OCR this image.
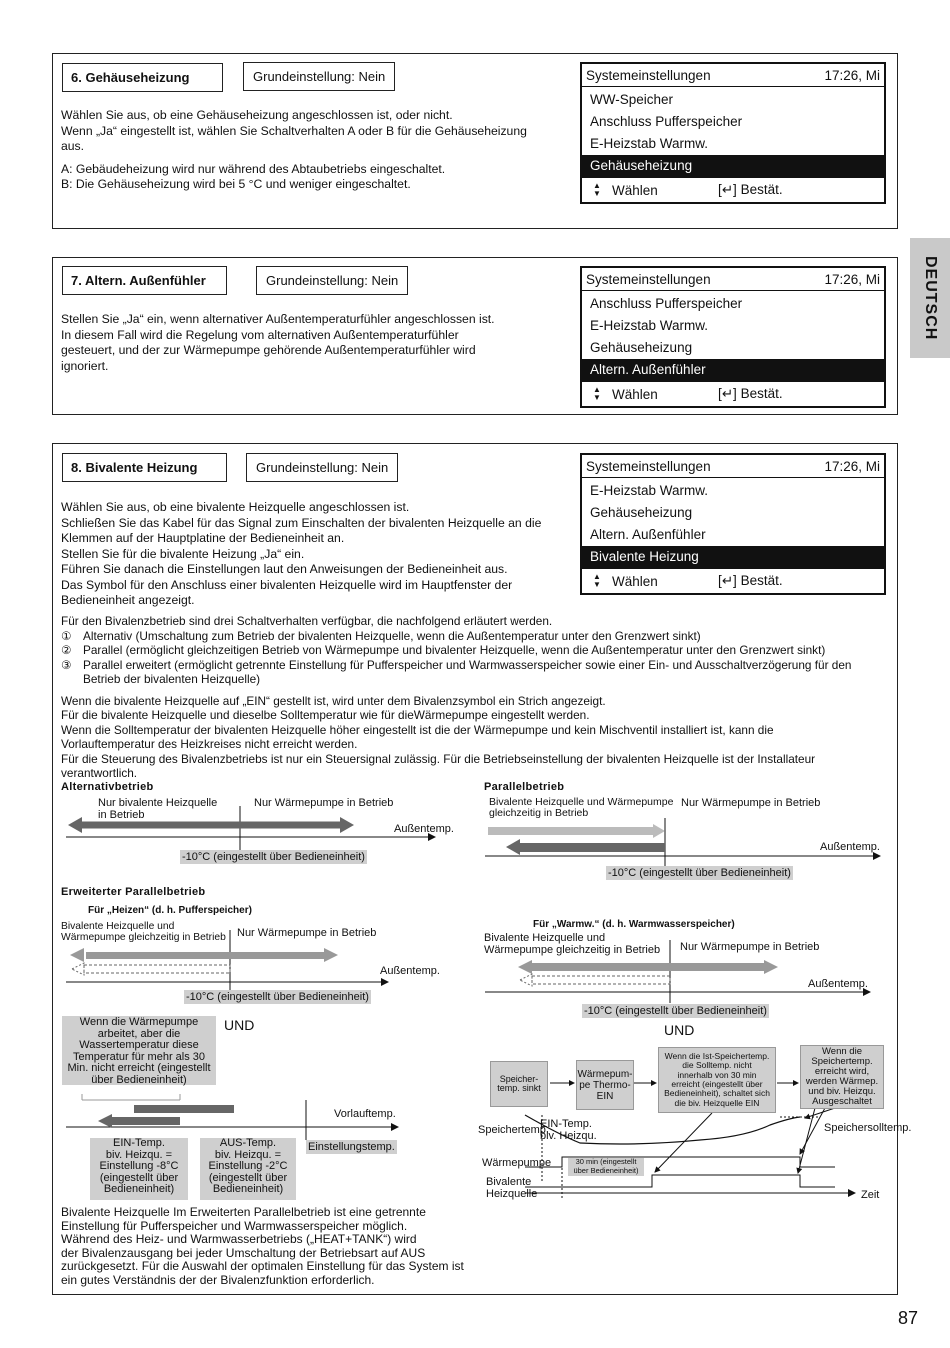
DEUTSCH
6. Gehäuseheizung	Grundeinstellung: Nein

Wählen Sie aus, ob eine Gehäuseheizung angeschlossen ist, oder nicht.

Wenn „Ja“ eingestellt ist, wählen Sie Schaltverhalten A oder B für die Gehäuseheizung

aus.

A: Gebäudeheizung wird nur während des Abtaubetriebs eingeschaltet.

B: Die Gehäuseheizung wird bei 5 °C und weniger eingeschaltet.

Systemeinstellungen	17:26, Mi
WW-Speicher
Anschluss Pufferspeicher
E-Heizstab Warmw.
Gehäuseheizung
▲
▼ Wählen	[↵] Bestät.
7. Altern. Außenfühler	Grundeinstellung: Nein

Stellen Sie „Ja“ ein, wenn alternativer Außentemperaturfühler angeschlossen ist.

In diesem Fall wird die Regelung vom alternativen Außentemperaturfühler

gesteuert, und der zur Wärmepumpe gehörende Außentemperaturfühler wird

ignoriert.

Systemeinstellungen	17:26, Mi
Anschluss Pufferspeicher
E-Heizstab Warmw.
Gehäuseheizung
Altern. Außenfühler
▲
▼ Wählen	[↵] Bestät.
8. Bivalente Heizung	Grundeinstellung: Nein

Wählen Sie aus, ob eine bivalente Heizquelle angeschlossen ist.

Schließen Sie das Kabel für das Signal zum Einschalten der bivalenten Heizquelle an die

Klemmen auf der Hauptplatine der Bedieneinheit an.

Stellen Sie für die bivalente Heizung „Ja“ ein.

Führen Sie danach die Einstellungen laut den Anweisungen der Bedieneinheit aus.

Das Symbol für den Anschluss einer bivalenten Heizquelle wird im Hauptfenster der

Bedieneinheit angezeigt.

Systemeinstellungen	17:26, Mi
E-Heizstab Warmw.
Gehäuseheizung
Altern. Außenfühler
Bivalente Heizung
▲
▼ Wählen	[↵] Bestät.

Für den Bivalenzbetrieb sind drei Schaltverhalten verfügbar, die nachfolgend erläutert werden.

① Alternativ (Umschaltung zum Betrieb der bivalenten Heizquelle, wenn die Außentemperatur unter den Grenzwert sinkt)

② Parallel (ermöglicht gleichzeitigen Betrieb von Wärmepumpe und bivalenter Heizquelle, wenn die Außentemperatur unter den Grenzwert sinkt)

③ Parallel erweitert (ermöglicht getrennte Einstellung für Pufferspeicher und Warmwasserspeicher sowie einer Ein- und Ausschaltverzögerung für den

Betrieb der bivalenten Heizquelle)

Wenn die bivalente Heizquelle auf „EIN“ gestellt ist, wird unter dem Bivalenzsymbol ein Strich angezeigt.

Für die bivalente Heizquelle und dieselbe Solltemperatur wie für dieWärmepumpe eingestellt werden.

Wenn die Solltemperatur der bivalenten Heizquelle höher eingestellt ist die der Wärmepumpe und kein Mischventil installiert ist, kann die

Vorlauftemperatur des Heizkreises nicht erreicht werden.

Für die Steuerung des Bivalenzbetriebs ist nur ein Steuersignal zulässig. Für die Betriebseinstellung der bivalenten Heizquelle ist der Installateur verantwortlich.

Alternativbetrieb
Nur bivalente Heizquelle
in Betrieb
Nur Wärmepumpe in Betrieb
Außentemp.
-10°C (eingestellt über Bedieneinheit)
Parallelbetrieb
Bivalente Heizquelle und Wärmepumpe
gleichzeitig in Betrieb
Nur Wärmepumpe in Betrieb
Außentemp.
-10°C (eingestellt über Bedieneinheit)
Erweiterter Parallelbetrieb
Für „Heizen“ (d. h. Pufferspeicher)
Bivalente Heizquelle und
Wärmepumpe gleichzeitig in Betrieb Nur Wärmepumpe in Betrieb
Außentemp.
-10°C (eingestellt über Bedieneinheit)
Für „Warmw.“ (d. h. Warmwasserspeicher)
Bivalente Heizquelle und
Wärmepumpe gleichzeitig in Betrieb Nur Wärmepumpe in Betrieb
Außentemp.
-10°C (eingestellt über Bedieneinheit)
UND	UND
Wenn die Wärmepumpe
arbeitet, aber die
Wassertemperatur diese
Temperatur für mehr als 30
Min. nicht erreicht (eingestellt
über Bedieneinheit)
Vorlauftemp.
EIN-Temp.
biv. Heizqu. =
Einstellung -8°C
(eingestellt über
Bedieneinheit)
AUS-Temp.
biv. Heizqu. =
Einstellung -2°C
(eingestellt über
Bedieneinheit)
Einstellungstemp.
Speicher-
temp. sinkt
Wärmepum-
pe Thermo-
EIN
Wenn die Ist-Speichertemp.
die Solltemp. nicht
innerhalb von 30 min
erreicht (eingestellt über
Bedieneinheit), schaltet sich
die biv. Heizquelle EIN
Wenn die
Speichertemp.
erreicht wird,
werden Wärmep.
und biv. Heizqu.
Ausgeschaltet
Speichertemp.
EIN-Temp.
biv. Heizqu.
Speichersolltemp.
Wärmepumpe	30 min (eingestellt
über Bedieneinheit)
Bivalente
Heizquelle	Zeit

Bivalente Heizquelle Im Erweiterten Parallelbetrieb ist eine getrennte

Einstellung für Pufferspeicher und Warmwasserspeicher möglich.

Während des Heiz- und Warmwasserbetriebs („HEAT+TANK“) wird

der Bivalenzausgang bei jeder Umschaltung der Betriebsart auf AUS

zurückgesetzt. Für die Auswahl der optimalen Einstellung für das System ist

ein gutes Verständnis der der Bivalenzfunktion erforderlich.

87
